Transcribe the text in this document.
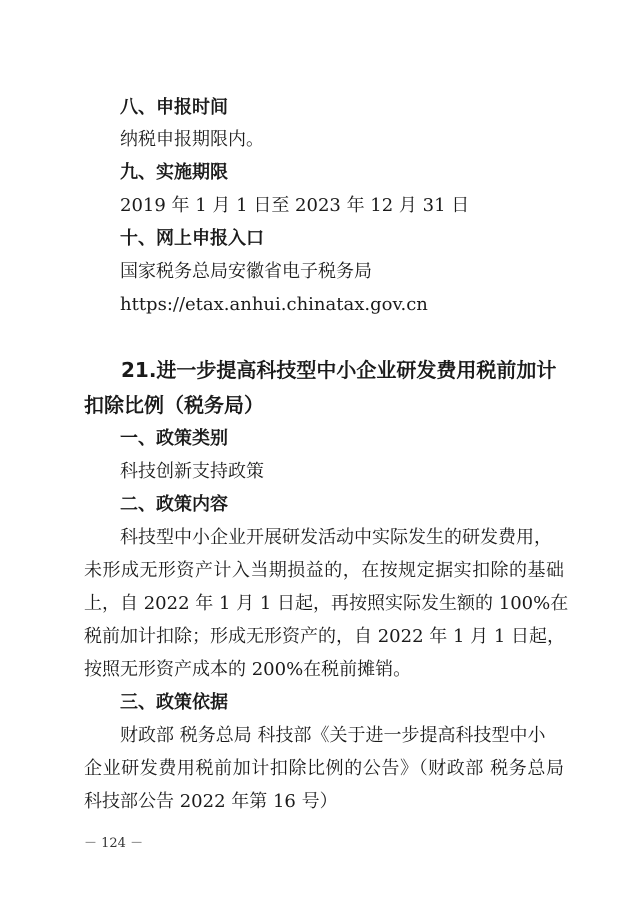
八、申报时间
纳税申报期限内。
九、实施期限
2019 年 1 月 1 日至 2023 年 12 月 31 日
十、网上申报入口
国家税务总局安徽省电子税务局
https://etax.anhui.chinatax.gov.cn
21.进一步提高科技型中小企业研发费用税前加计
扣除比例（税务局）
一、政策类别
科技创新支持政策
二、政策内容
科技型中小企业开展研发活动中实际发生的研发费用，
未形成无形资产计入当期损益的，在按规定据实扣除的基础
上，自 2022 年 1 月 1 日起，再按照实际发生额的 100%在
税前加计扣除；形成无形资产的，自 2022 年 1 月 1 日起，
按照无形资产成本的 200%在税前摊销。
三、政策依据
财政部 税务总局 科技部《关于进一步提高科技型中小
企业研发费用税前加计扣除比例的公告》（财政部 税务总局
科技部公告 2022 年第 16 号）
－ 124 －
